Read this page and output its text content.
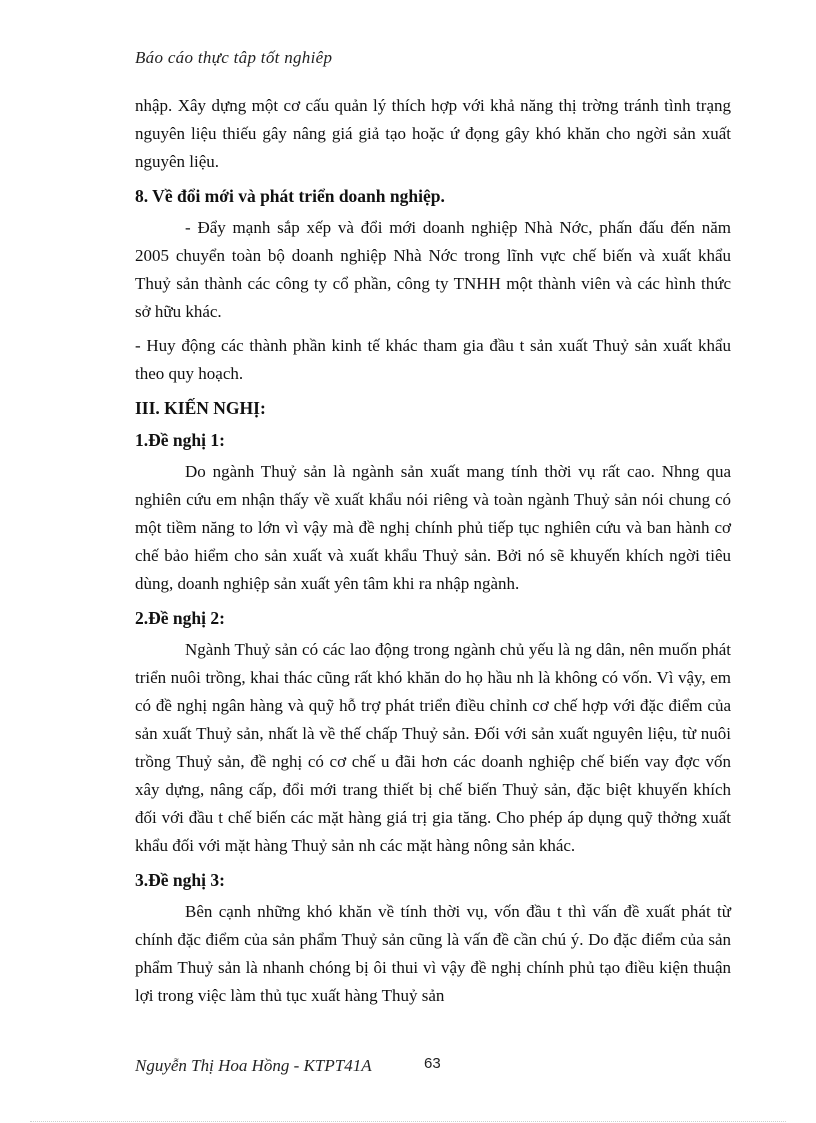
Báo cáo thực tâp tốt nghiêp

nhập. Xây dựng một cơ cấu quản lý thích hợp với khả năng thị trờng tránh tình trạng nguyên liệu thiếu gây nâng giá giả tạo hoặc ứ đọng gây khó khăn cho ngời sản xuất nguyên liệu.

8. Về đổi mới và phát triển doanh nghiệp.

- Đẩy mạnh sắp xếp và đổi mới doanh nghiệp Nhà Nớc, phấn đấu đến năm 2005 chuyển toàn bộ doanh nghiệp Nhà Nớc trong lĩnh vực chế biến và xuất khẩu Thuỷ sản thành các công ty cổ phần, công ty TNHH một thành viên và các hình thức sở hữu khác.

- Huy động các thành phần kinh tế khác tham gia đầu t sản xuất Thuỷ sản xuất khẩu theo quy hoạch.

III. KIẾN NGHỊ:
1.Đề nghị 1:

Do ngành Thuỷ sản là ngành sản xuất mang tính thời vụ rất cao. Nhng qua nghiên cứu em nhận thấy về xuất khẩu nói riêng và toàn ngành Thuỷ sản nói chung có một tiềm năng to lớn vì vậy mà đề nghị chính phủ tiếp tục nghiên cứu và ban hành cơ chế bảo hiểm cho sản xuất và xuất khẩu Thuỷ sản. Bởi nó sẽ khuyến khích ngời tiêu dùng, doanh nghiệp sản xuất yên tâm khi ra nhập ngành.

2.Đề nghị 2:

Ngành Thuỷ sản có các lao động trong ngành chủ yếu là ng dân, nên muốn phát triển nuôi trồng, khai thác cũng rất khó khăn do họ hầu nh là không có vốn. Vì vậy, em có đề nghị ngân hàng và quỹ hỗ trợ phát triển điều chỉnh cơ chế hợp với đặc điểm của sản xuất Thuỷ sản, nhất là về thế chấp Thuỷ sản. Đối với sản xuất nguyên liệu, từ nuôi trồng Thuỷ sản, đề nghị có cơ chế u đãi hơn các doanh nghiệp chế biến vay đợc vốn xây dựng, nâng cấp, đổi mới trang thiết bị chế biến Thuỷ sản, đặc biệt khuyến khích đối với đầu t chế biến các mặt hàng giá trị gia tăng. Cho phép áp dụng quỹ thởng xuất khẩu đối với mặt hàng Thuỷ sản nh các mặt hàng nông sản khác.

3.Đề nghị 3:

Bên cạnh những khó khăn về tính thời vụ, vốn đầu t thì vấn đề xuất phát từ chính đặc điểm của sản phẩm Thuỷ sản cũng là vấn đề cần chú ý. Do đặc điểm của sản phẩm Thuỷ sản là nhanh chóng bị ôi thui vì vậy đề nghị chính phủ tạo điều kiện thuận lợi trong việc làm thủ tục xuất hàng Thuỷ sản

Nguyễn Thị Hoa Hồng - KTPT41A	63
